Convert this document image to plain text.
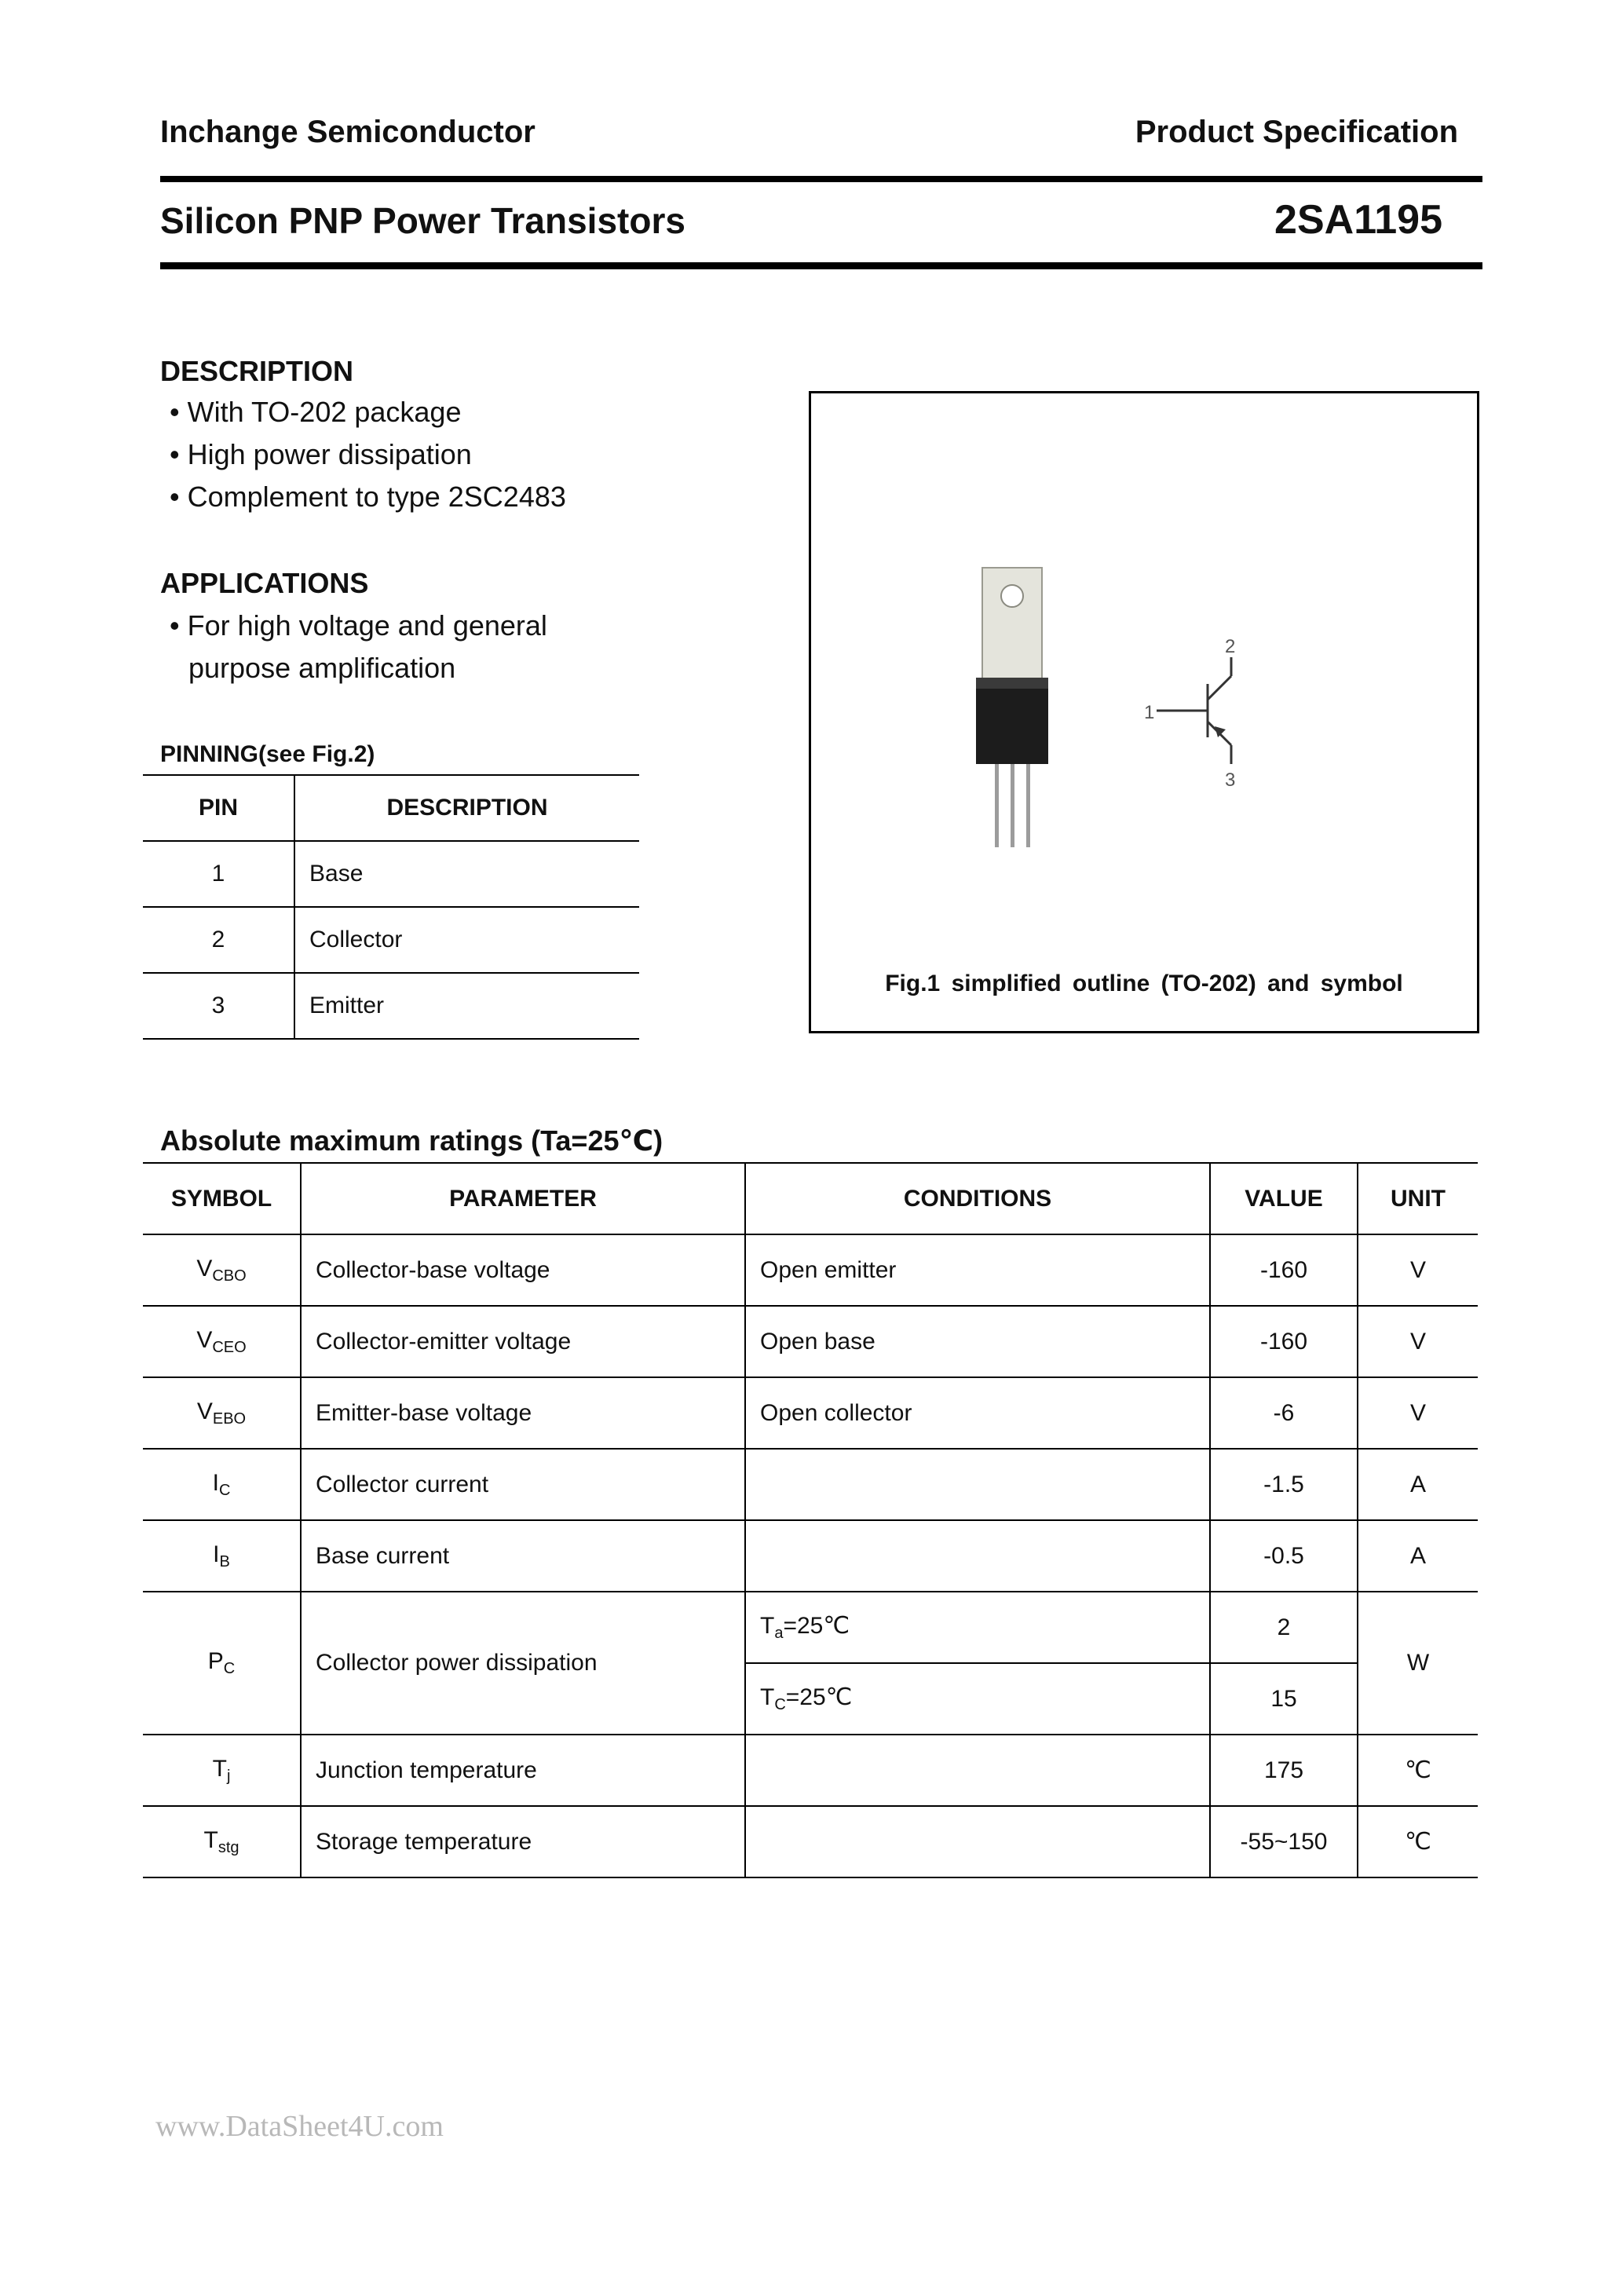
Inchange Semiconductor	Product Specification
Silicon PNP Power Transistors	2SA1195
DESCRIPTION
• With TO-202 package
• High power dissipation
• Complement to type 2SC2483
APPLICATIONS
• For high voltage and general
purpose amplification
PINNING(see Fig.2)
PIN	DESCRIPTION
1	Base
2	Collector
3	Emitter
1
2
3
Fig.1 simplified outline (TO-202) and symbol
Absolute maximum ratings (Ta=25℃)
SYMBOL	PARAMETER	CONDITIONS	VALUE	UNIT
$V_{CBO}$	Collector-base voltage	Open emitter	-160	V
$V_{CEO}$	Collector-emitter voltage	Open base	-160	V
$V_{EBO}$	Emitter-base voltage	Open collector	-6	V
$I_C$	Collector current		-1.5	A
$I_B$	Base current		-0.5	A
$P_C$	Collector power dissipation	$T_a=25℃$	2	W
		$T_C=25℃$	15	
$T_j$	Junction temperature		175	℃
$T_{stg}$	Storage temperature		-55~150	℃
www.DataSheet4U.com
